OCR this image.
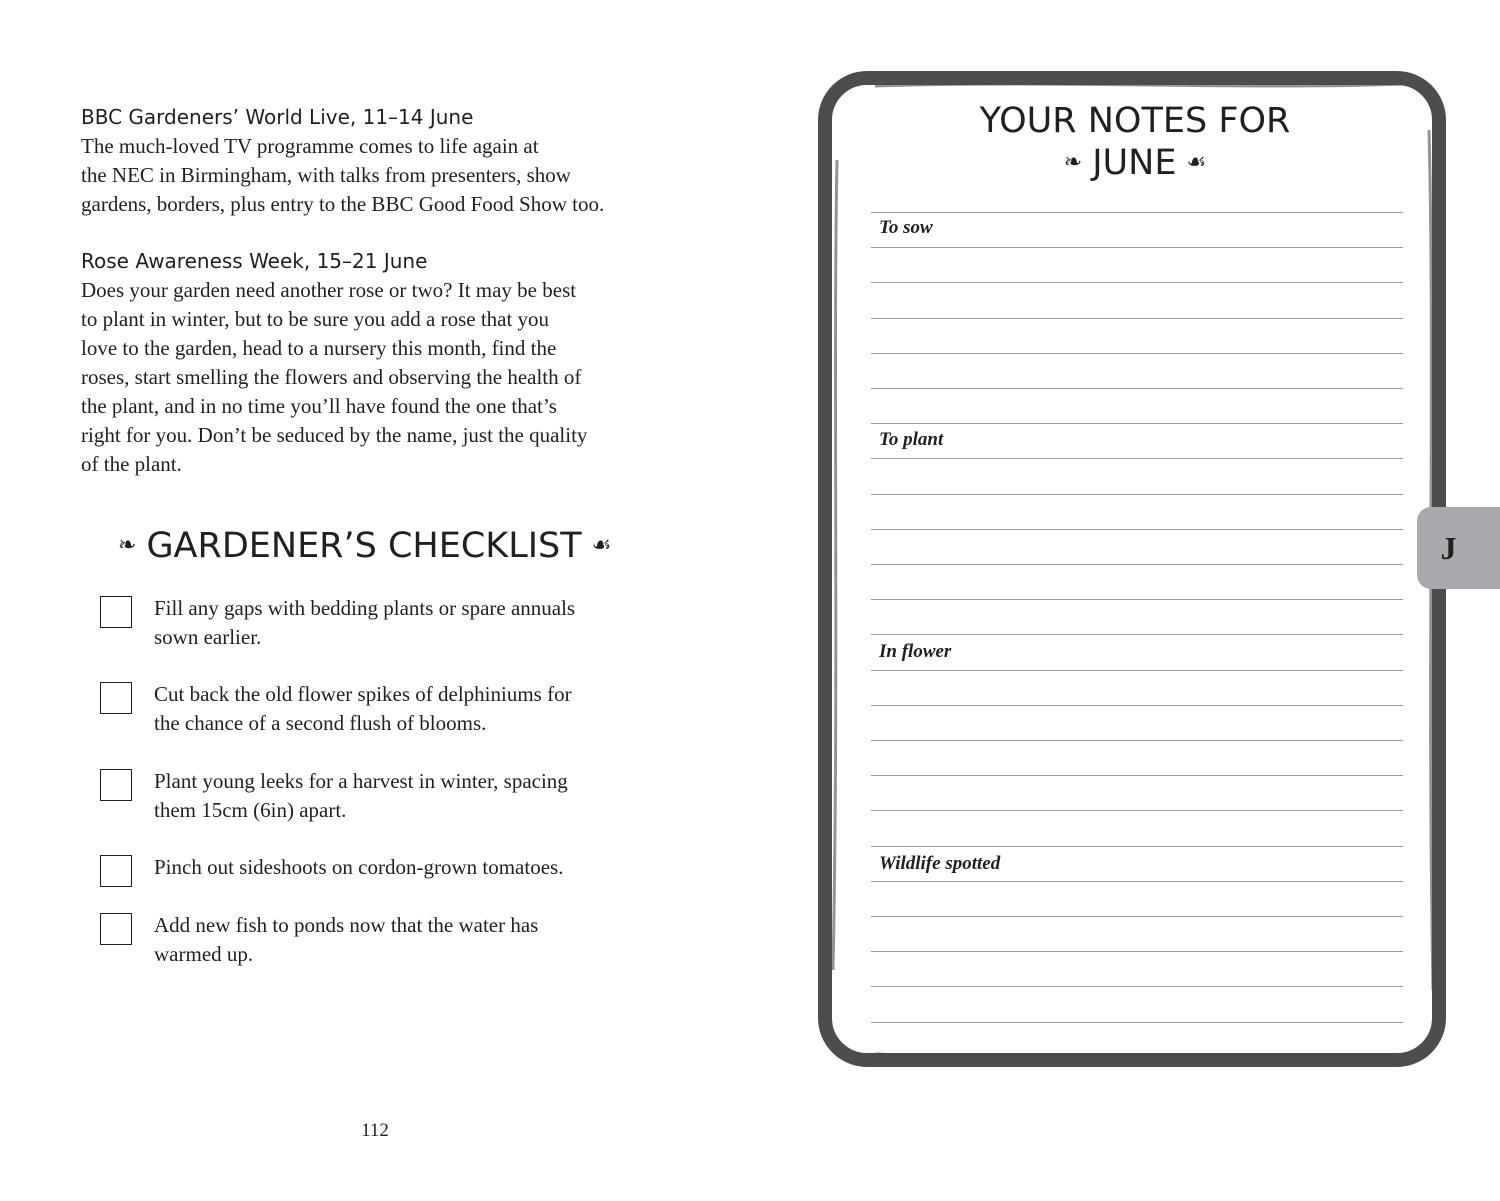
BBC Gardeners’ World Live, 11–14 June
The much-loved TV programme comes to life again at
the NEC in Birmingham, with talks from presenters, show
gardens, borders, plus entry to the BBC Good Food Show too.
Rose Awareness Week, 15–21 June
Does your garden need another rose or two? It may be best
to plant in winter, but to be sure you add a rose that you
love to the garden, head to a nursery this month, find the
roses, start smelling the flowers and observing the health of
the plant, and in no time you’ll have found the one that’s
right for you. Don’t be seduced by the name, just the quality
of the plant.
❧ GARDENER’S CHECKLIST ☙
Fill any gaps with bedding plants or spare annuals
sown earlier.
Cut back the old flower spikes of delphiniums for
the chance of a second flush of blooms.
Plant young leeks for a harvest in winter, spacing
them 15cm (6in) apart.
Pinch out sideshoots on cordon-grown tomatoes.
Add new fish to ponds now that the water has
warmed up.
112
YOUR NOTES FOR
❧ JUNE ☙
To sow
To plant
In flower
Wildlife spotted
J
